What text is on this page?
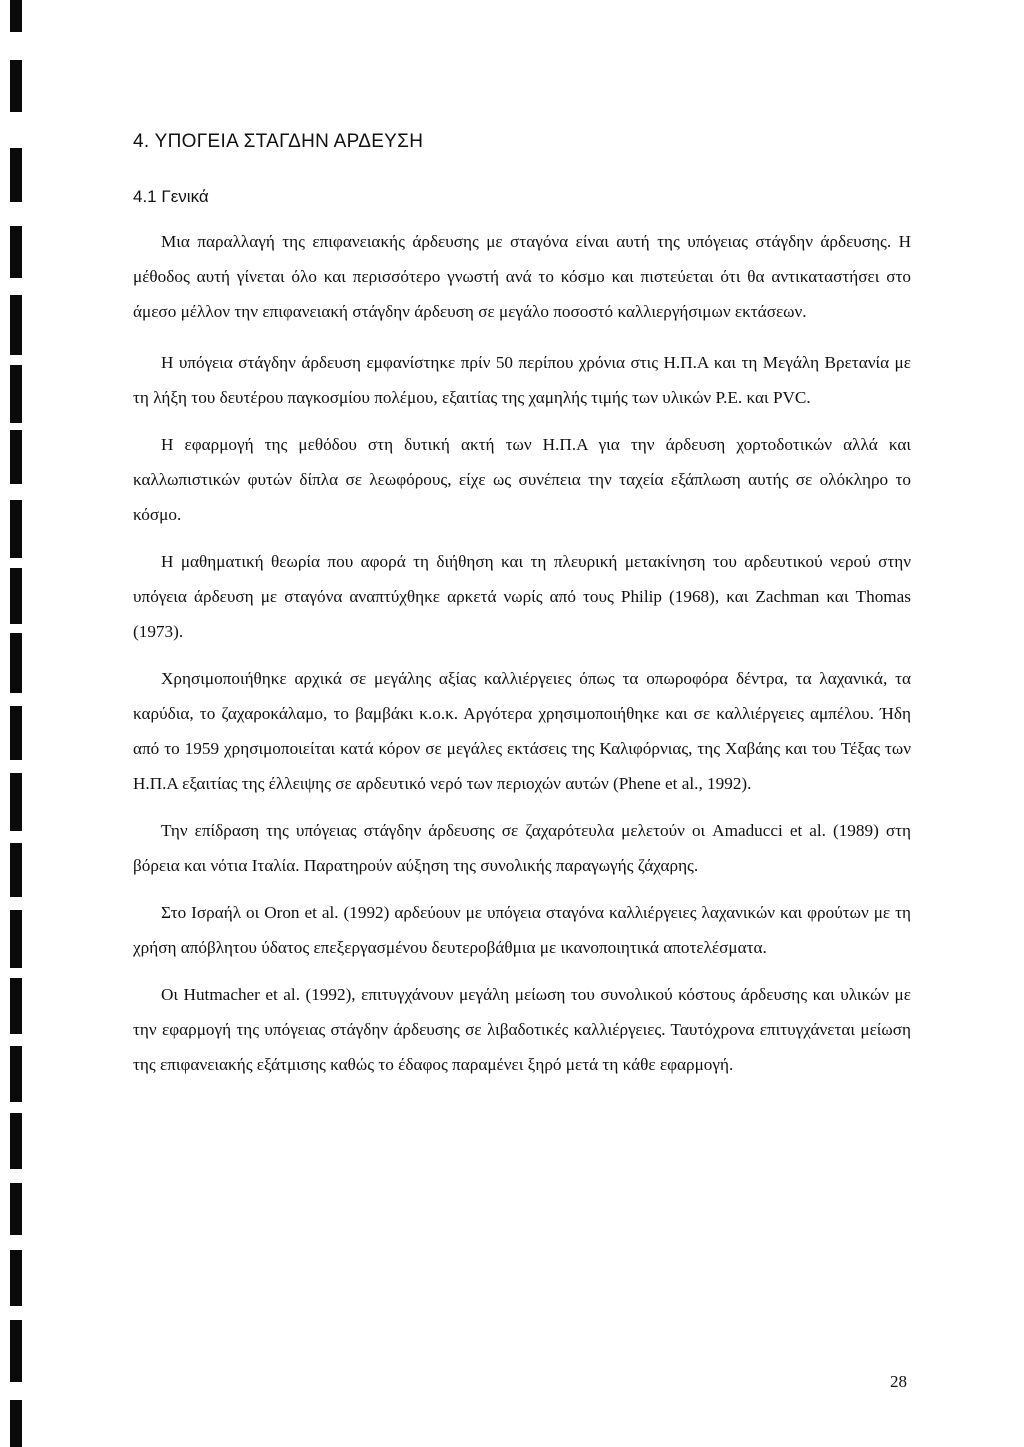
4. ΥΠΟΓΕΙΑ ΣΤΑΓΔΗΝ ΑΡΔΕΥΣΗ
4.1 Γενικά

Μια παραλλαγή της επιφανειακής άρδευσης με σταγόνα είναι αυτή της υπόγειας στάγδην άρδευσης. Η μέθοδος αυτή γίνεται όλο και περισσότερο γνωστή ανά το κόσμο και πιστεύεται ότι θα αντικαταστήσει στο άμεσο μέλλον την επιφανειακή στάγδην άρδευση σε μεγάλο ποσοστό καλλιεργήσιμων εκτάσεων.

Η υπόγεια στάγδην άρδευση εμφανίστηκε πρίν 50 περίπου χρόνια στις Η.Π.Α και τη Μεγάλη Βρετανία με τη λήξη του δευτέρου παγκοσμίου πολέμου, εξαιτίας της χαμηλής τιμής των υλικών Ρ.Ε. και PVC.

Η εφαρμογή της μεθόδου στη δυτική ακτή των Η.Π.Α για την άρδευση χορτοδοτικών αλλά και καλλωπιστικών φυτών δίπλα σε λεωφόρους, είχε ως συνέπεια την ταχεία εξάπλωση αυτής σε ολόκληρο το κόσμο.

Η μαθηματική θεωρία που αφορά τη διήθηση και τη πλευρική μετακίνηση του αρδευτικού νερού στην υπόγεια άρδευση με σταγόνα αναπτύχθηκε αρκετά νωρίς από τους Philip (1968), και Zachman και Thomas (1973).

Χρησιμοποιήθηκε αρχικά σε μεγάλης αξίας καλλιέργειες όπως τα οπωροφόρα δέντρα, τα λαχανικά, τα καρύδια, το ζαχαροκάλαμο, το βαμβάκι κ.ο.κ. Αργότερα χρησιμοποιήθηκε και σε καλλιέργειες αμπέλου. Ήδη από το 1959 χρησιμοποιείται κατά κόρον σε μεγάλες εκτάσεις της Καλιφόρνιας, της Χαβάης και του Τέξας των Η.Π.Α εξαιτίας της έλλειψης σε αρδευτικό νερό των περιοχών αυτών (Phene et al., 1992).

Την επίδραση της υπόγειας στάγδην άρδευσης σε ζαχαρότευλα μελετούν οι Amaducci et al. (1989) στη βόρεια και νότια Ιταλία. Παρατηρούν αύξηση της συνολικής παραγωγής ζάχαρης.

Στο Ισραήλ οι Oron et al. (1992) αρδεύουν με υπόγεια σταγόνα καλλιέργειες λαχανικών και φρούτων με τη χρήση απόβλητου ύδατος επεξεργασμένου δευτεροβάθμια με ικανοποιητικά αποτελέσματα.

Οι Hutmacher et al. (1992), επιτυγχάνουν μεγάλη μείωση του συνολικού κόστους άρδευσης και υλικών με την εφαρμογή της υπόγειας στάγδην άρδευσης σε λιβαδοτικές καλλιέργειες. Ταυτόχρονα επιτυγχάνεται μείωση της επιφανειακής εξάτμισης καθώς το έδαφος παραμένει ξηρό μετά τη κάθε εφαρμογή.

28
